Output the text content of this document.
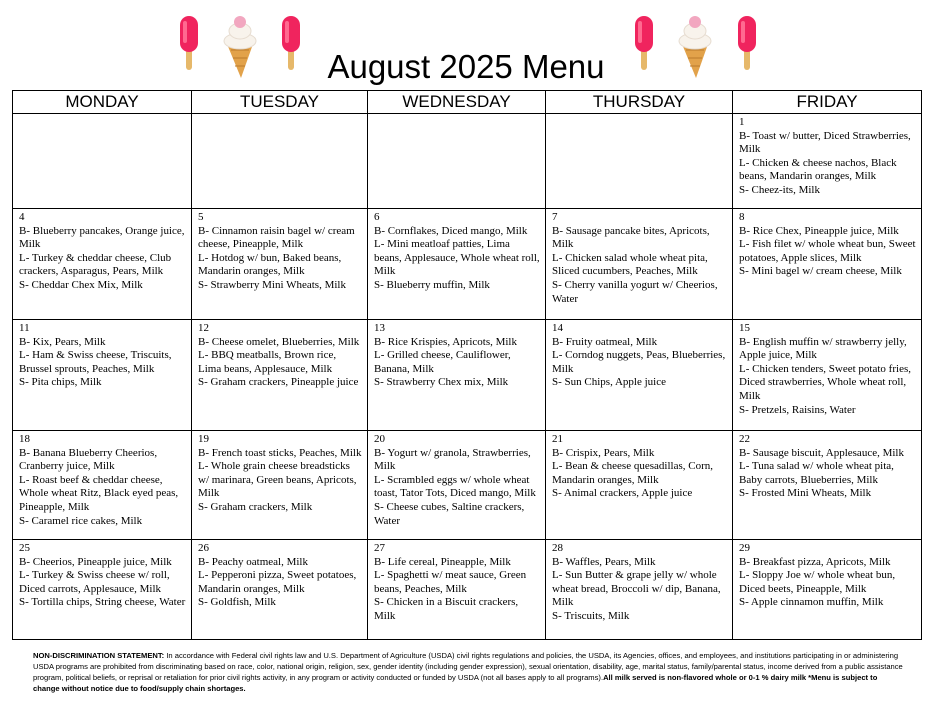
August 2025 Menu
MONDAY	TUESDAY	WEDNESDAY	THURSDAY	FRIDAY

				1
B- Toast w/ butter, Diced Strawberries, Milk
L- Chicken & cheese nachos, Black beans, Mandarin oranges, Milk
S- Cheez-its, Milk

4
B- Blueberry pancakes, Orange juice, Milk
L- Turkey & cheddar cheese, Club crackers, Asparagus, Pears, Milk
S- Cheddar Chex Mix, Milk	5
B- Cinnamon raisin bagel w/ cream cheese, Pineapple, Milk
L- Hotdog w/ bun, Baked beans, Mandarin oranges, Milk
S- Strawberry Mini Wheats, Milk	6
B- Cornflakes, Diced mango, Milk
L- Mini meatloaf patties, Lima beans, Applesauce, Whole wheat roll, Milk
S- Blueberry muffin, Milk	7
B- Sausage pancake bites, Apricots, Milk
L- Chicken salad whole wheat pita, Sliced cucumbers, Peaches, Milk
S- Cherry vanilla yogurt w/ Cheerios, Water	8
B- Rice Chex, Pineapple juice, Milk
L- Fish filet w/ whole wheat bun, Sweet potatoes, Apple slices, Milk
S- Mini bagel w/ cream cheese, Milk

11
B- Kix, Pears, Milk
L- Ham & Swiss cheese, Triscuits, Brussel sprouts, Peaches, Milk
S- Pita chips, Milk	12
B- Cheese omelet, Blueberries, Milk
L- BBQ meatballs, Brown rice, Lima beans, Applesauce, Milk
S- Graham crackers, Pineapple juice	13
B- Rice Krispies, Apricots, Milk
L- Grilled cheese, Cauliflower, Banana, Milk
S- Strawberry Chex mix, Milk	14
B- Fruity oatmeal, Milk
L- Corndog nuggets, Peas, Blueberries, Milk
S- Sun Chips, Apple juice	15
B- English muffin w/ strawberry jelly, Apple juice, Milk
L- Chicken tenders, Sweet potato fries, Diced strawberries, Whole wheat roll, Milk
S- Pretzels, Raisins, Water

18
B- Banana Blueberry Cheerios, Cranberry juice, Milk
L- Roast beef & cheddar cheese, Whole wheat Ritz, Black eyed peas, Pineapple, Milk
S- Caramel rice cakes, Milk	19
B- French toast sticks, Peaches, Milk
L- Whole grain cheese breadsticks w/ marinara, Green beans, Apricots, Milk
S- Graham crackers, Milk	20
B- Yogurt w/ granola, Strawberries, Milk
L- Scrambled eggs w/ whole wheat toast, Tator Tots, Diced mango, Milk
S- Cheese cubes, Saltine crackers, Water	21
B- Crispix, Pears, Milk
L- Bean & cheese quesadillas, Corn, Mandarin oranges, Milk
S- Animal crackers, Apple juice	22
B- Sausage biscuit, Applesauce, Milk
L- Tuna salad w/ whole wheat pita, Baby carrots, Blueberries, Milk
S- Frosted Mini Wheats, Milk

25
B- Cheerios, Pineapple juice, Milk
L- Turkey & Swiss cheese w/ roll, Diced carrots, Applesauce, Milk
S- Tortilla chips, String cheese, Water	26
B- Peachy oatmeal, Milk
L- Pepperoni pizza, Sweet potatoes, Mandarin oranges, Milk
S- Goldfish, Milk	27
B- Life cereal, Pineapple, Milk
L- Spaghetti w/ meat sauce, Green beans, Peaches, Milk
S- Chicken in a Biscuit crackers, Milk	28
B- Waffles, Pears, Milk
L- Sun Butter & grape jelly w/ whole wheat bread, Broccoli w/ dip, Banana, Milk
S- Triscuits, Milk	29
B- Breakfast pizza, Apricots, Milk
L- Sloppy Joe w/ whole wheat bun, Diced beets, Pineapple, Milk
S- Apple cinnamon muffin, Milk
NON-DISCRIMINATION STATEMENT: In accordance with Federal civil rights law and U.S. Department of Agriculture (USDA) civil rights regulations and policies, the USDA, its Agencies, offices, and employees, and institutions participating in or administering USDA programs are prohibited from discriminating based on race, color, national origin, religion, sex, gender identity (including gender expression), sexual orientation, disability, age, marital status, family/parental status, income derived from a public assistance program, political beliefs, or reprisal or retaliation for prior civil rights activity, in any program or activity conducted or funded by USDA (not all bases apply to all programs).All milk served is non-flavored whole or 0-1 % dairy milk *Menu is subject to change without notice due to food/supply chain shortages.
